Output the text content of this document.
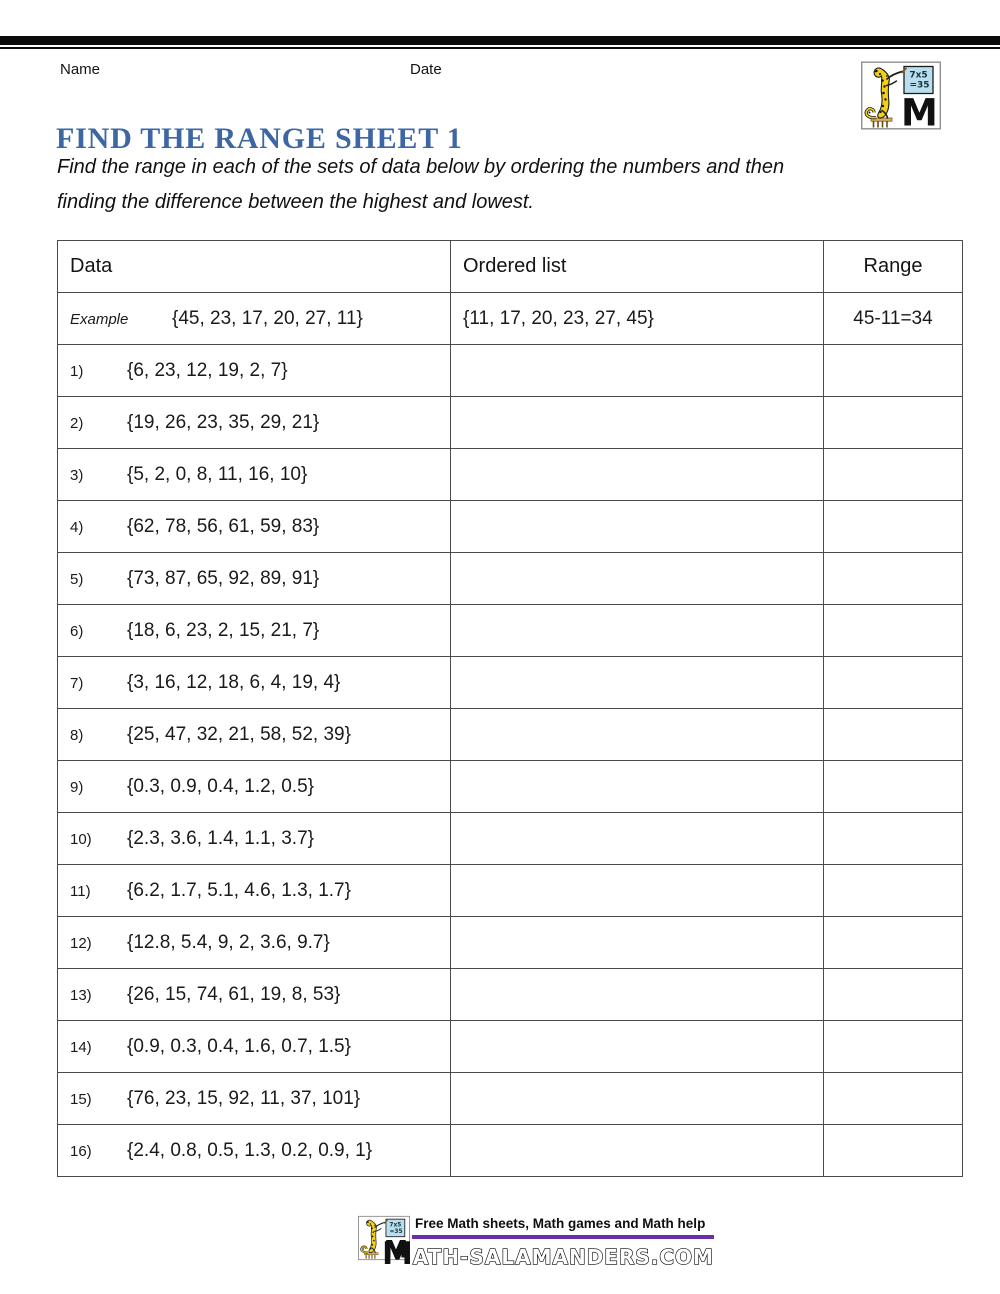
Name	Date
FIND THE RANGE SHEET 1
Find the range in each of the sets of data below by ordering the numbers and then
finding the difference between the highest and lowest.
Data	Ordered list	Range
Example {45, 23, 17, 20, 27, 11}	{11, 17, 20, 23, 27, 45}	45-11=34
1) {6, 23, 12, 19, 2, 7}		
2) {19, 26, 23, 35, 29, 21}		
3) {5, 2, 0, 8, 11, 16, 10}		
4) {62, 78, 56, 61, 59, 83}		
5) {73, 87, 65, 92, 89, 91}		
6) {18, 6, 23, 2, 15, 21, 7}		
7) {3, 16, 12, 18, 6, 4, 19, 4}		
8) {25, 47, 32, 21, 58, 52, 39}		
9) {0.3, 0.9, 0.4, 1.2, 0.5}		
10) {2.3, 3.6, 1.4, 1.1, 3.7}		
11) {6.2, 1.7, 5.1, 4.6, 1.3, 1.7}		
12) {12.8, 5.4, 9, 2, 3.6, 9.7}		
13) {26, 15, 74, 61, 19, 8, 53}		
14) {0.9, 0.3, 0.4, 1.6, 0.7, 1.5}		
15) {76, 23, 15, 92, 11, 37, 101}		
16) {2.4, 0.8, 0.5, 1.3, 0.2, 0.9, 1}		
Free Math sheets, Math games and Math help
MATH-SALAMANDERS.COM
